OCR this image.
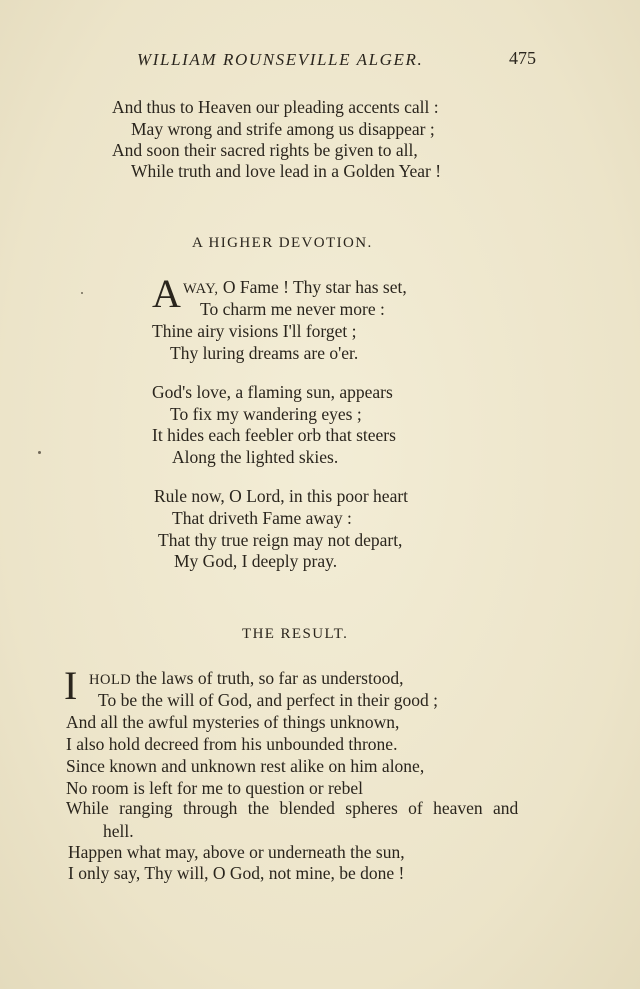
WILLIAM ROUNSEVILLE ALGER.	475
And thus to Heaven our pleading accents call :
May wrong and strife among us disappear ;
And soon their sacred rights be given to all,
While truth and love lead in a Golden Year !
A HIGHER DEVOTION.
A WAY, O Fame ! Thy star has set,
To charm me never more :
Thine airy visions I'll forget ;
Thy luring dreams are o'er.
God's love, a flaming sun, appears
To fix my wandering eyes ;
It hides each feebler orb that steers
Along the lighted skies.
Rule now, O Lord, in this poor heart
That driveth Fame away :
That thy true reign may not depart,
My God, I deeply pray.
THE RESULT.
I HOLD the laws of truth, so far as understood,
To be the will of God, and perfect in their good ;
And all the awful mysteries of things unknown,
I also hold decreed from his unbounded throne.
Since known and unknown rest alike on him alone,
No room is left for me to question or rebel
While ranging through the blended spheres of heaven and
hell.
Happen what may, above or underneath the sun,
I only say, Thy will, O God, not mine, be done !
